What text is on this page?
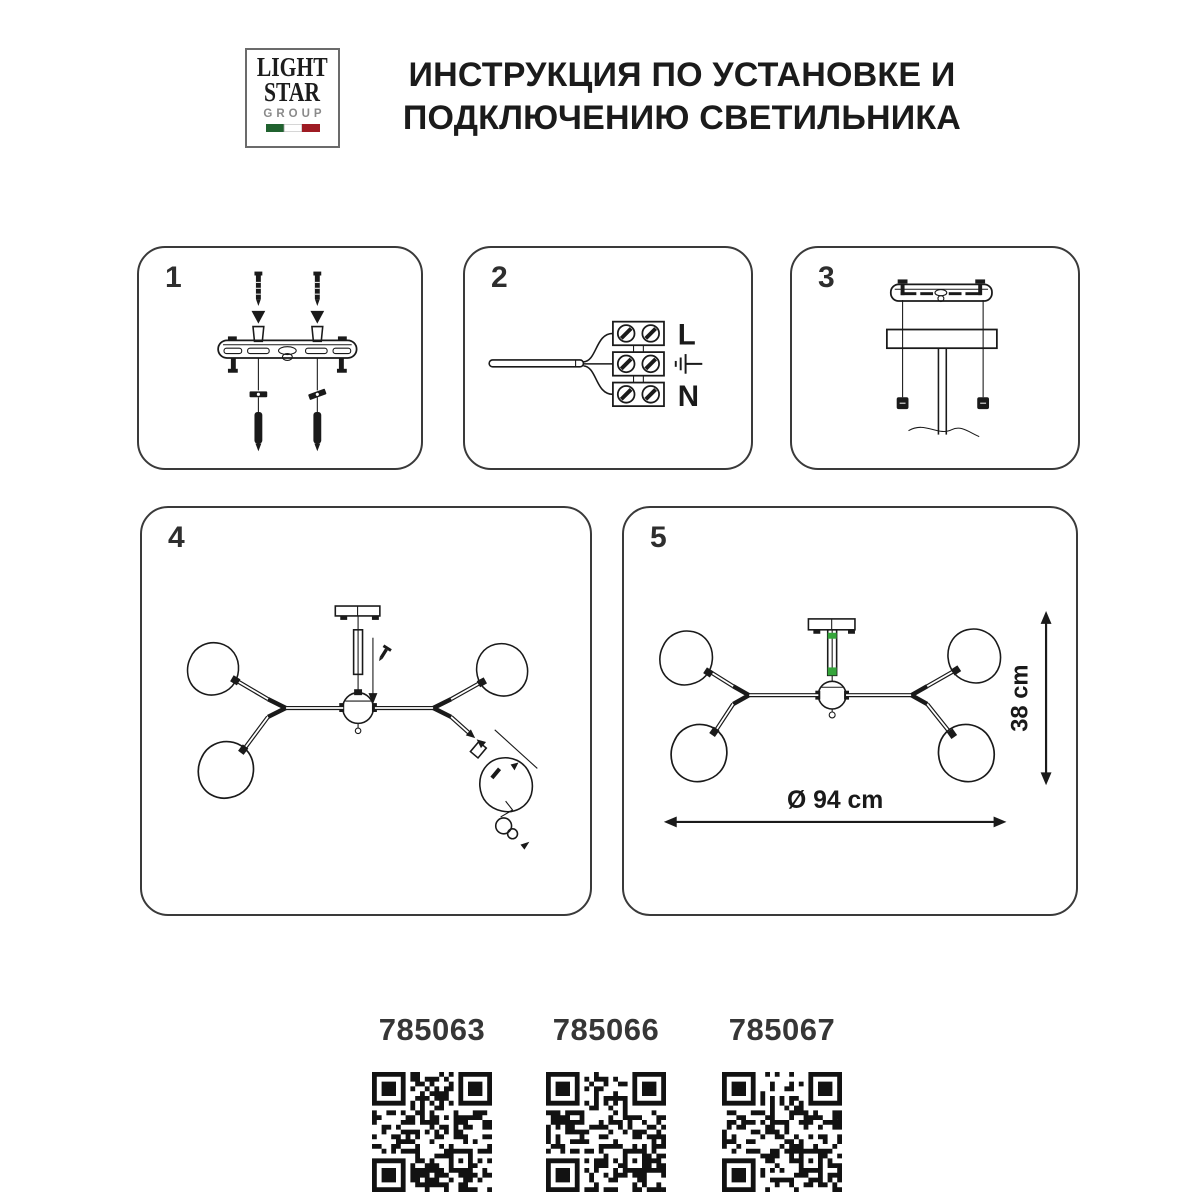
LIGHT
STAR
GROUP
ИНСТРУКЦИЯ ПО УСТАНОВКЕ И
ПОДКЛЮЧЕНИЮ СВЕТИЛЬНИКА
1	2
L
N
3
4	5
38 cm
Ø 94 cm
785063	785066	785067
